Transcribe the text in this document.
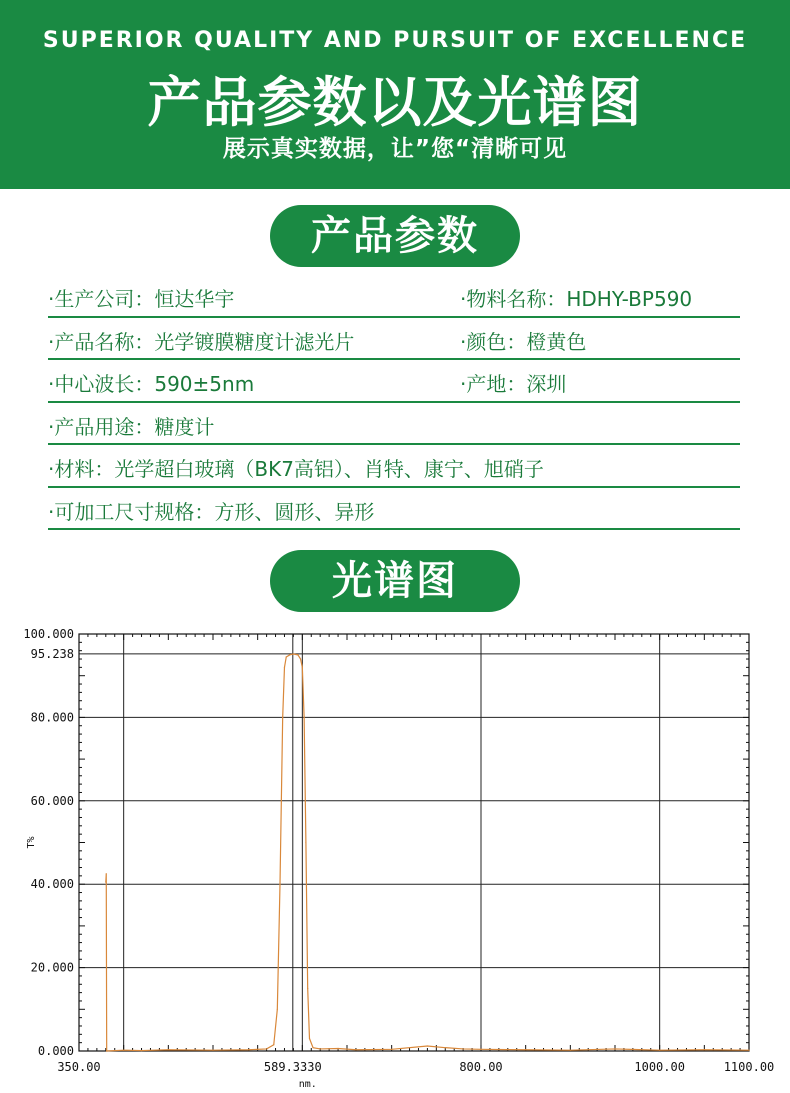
SUPERIOR QUALITY AND PURSUIT OF EXCELLENCE
产品参数以及光谱图
展示真实数据，让”您“清晰可见
产品参数
·生产公司：恒达华宇	·物料名称：HDHY-BP590
·产品名称：光学镀膜糖度计滤光片	·颜色：橙黄色
·中心波长：590±5nm	·产地：深圳
·产品用途：糖度计
·材料：光学超白玻璃（BK7高铝）、肖特、康宁、旭硝子
·可加工尺寸规格：方形、圆形、异形
光谱图
100.000
95.238
80.000
60.000
40.000
20.000
0.000
350.00	589.3330	800.00	1000.00	1100.00
T%
nm.
